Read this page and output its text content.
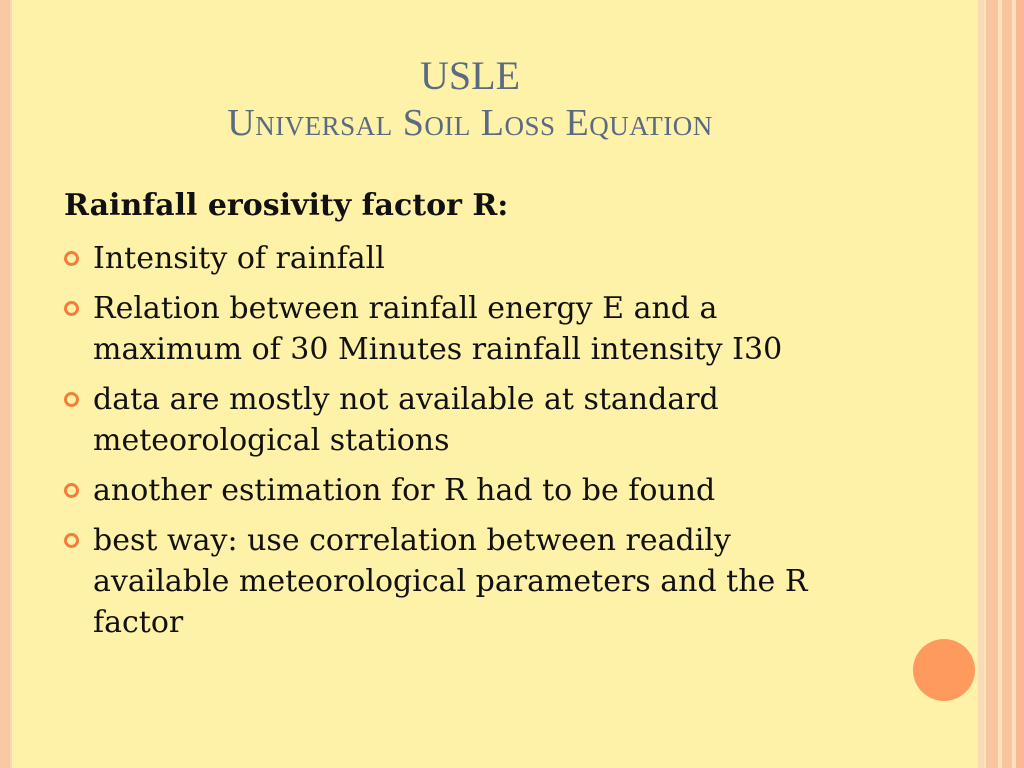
USLE
Universal Soil Loss Equation
Rainfall erosivity factor R:
Intensity of rainfall
Relation between rainfall energy E and a maximum of 30 Minutes rainfall intensity I30
data are mostly not available at standard meteorological stations
another estimation for R had to be found
best way: use correlation between readily available meteorological parameters and the R factor
